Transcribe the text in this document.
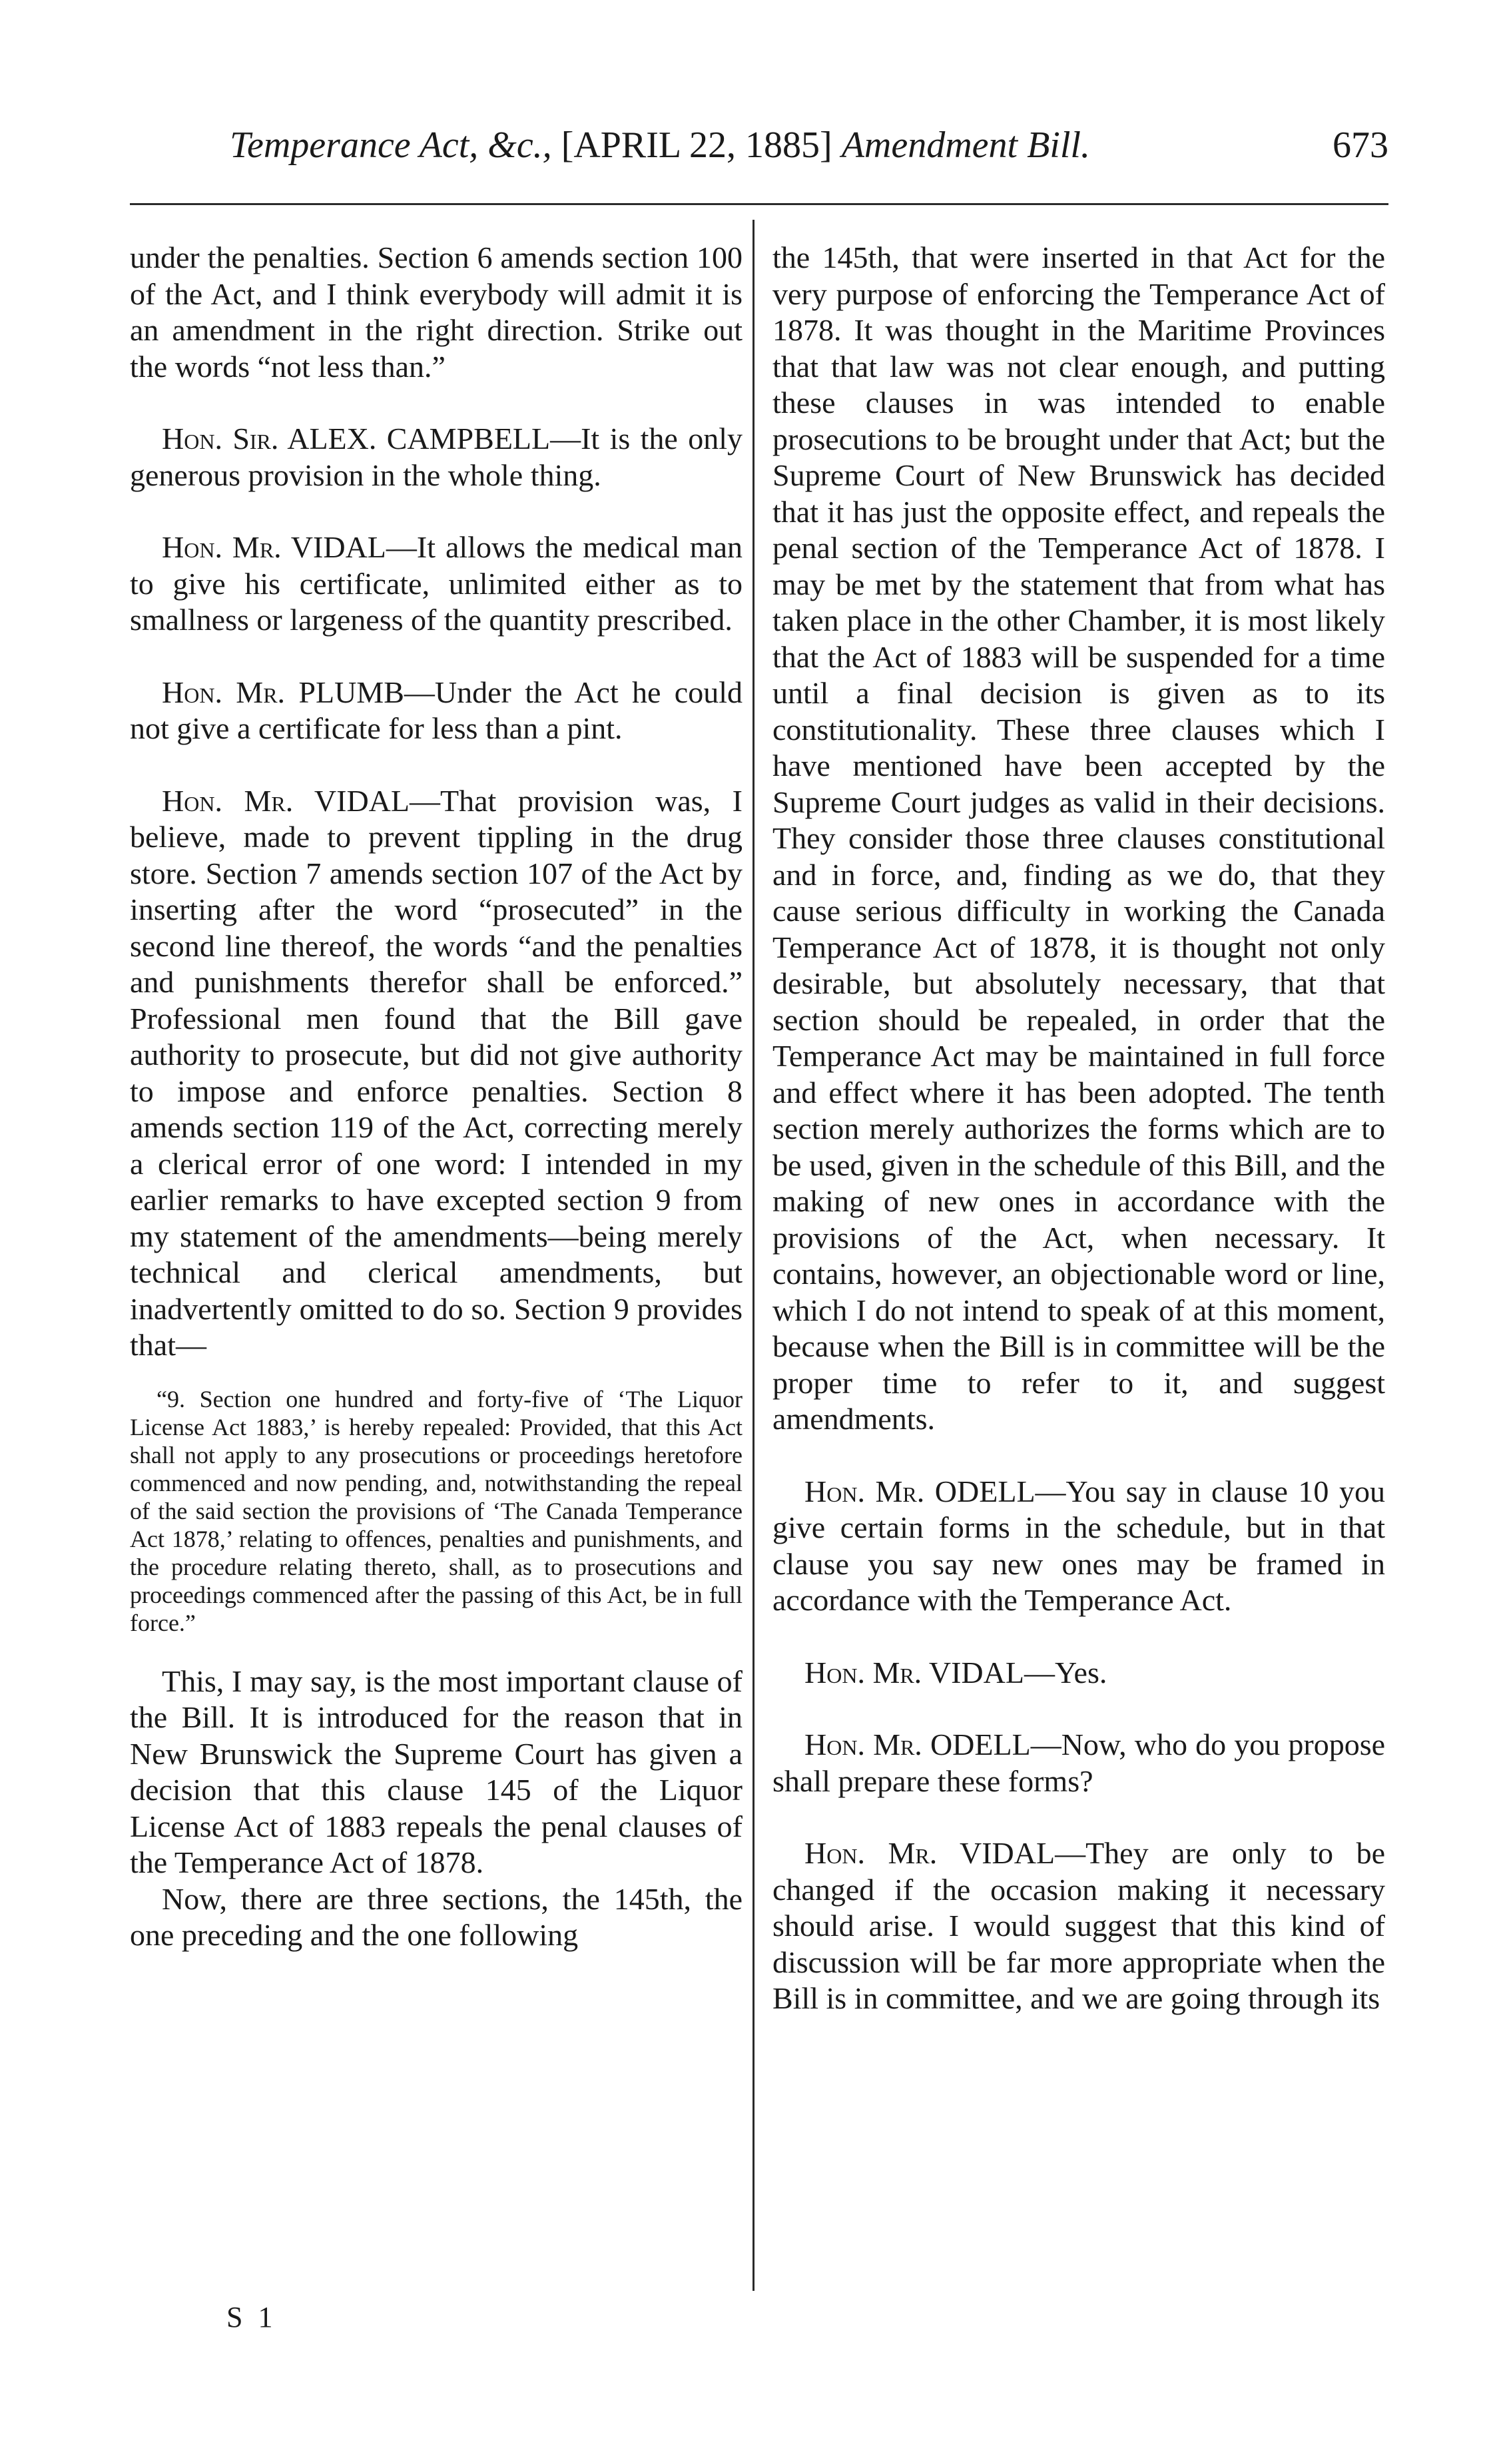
Temperance Act, &c., [APRIL 22, 1885] Amendment Bill.	673

under the penalties. Section 6 amends section 100 of the Act, and I think everybody will admit it is an amendment in the right direction. Strike out the words “not less than.”

Hon. Sir. ALEX. CAMPBELL—It is the only generous provision in the whole thing.

Hon. Mr. VIDAL—It allows the medical man to give his certificate, unlimited either as to smallness or largeness of the quantity prescribed.

Hon. Mr. PLUMB—Under the Act he could not give a certificate for less than a pint.

Hon. Mr. VIDAL—That provision was, I believe, made to prevent tippling in the drug store. Section 7 amends section 107 of the Act by inserting after the word “prosecuted” in the second line thereof, the words “and the penalties and punishments therefor shall be enforced.” Professional men found that the Bill gave authority to prosecute, but did not give authority to impose and enforce penalties. Section 8 amends section 119 of the Act, correcting merely a clerical error of one word: I intended in my earlier remarks to have excepted section 9 from my statement of the amendments—being merely technical and clerical amendments, but inadvertently omitted to do so. Section 9 provides that—

“9. Section one hundred and forty-five of ‘The Liquor License Act 1883,’ is hereby repealed: Provided, that this Act shall not apply to any prosecutions or proceedings heretofore commenced and now pending, and, notwithstanding the repeal of the said section the provisions of ‘The Canada Temperance Act 1878,’ relating to offences, penalties and punishments, and the procedure relating thereto, shall, as to prosecutions and proceedings commenced after the passing of this Act, be in full force.”

This, I may say, is the most important clause of the Bill. It is introduced for the reason that in New Brunswick the Supreme Court has given a decision that this clause 145 of the Liquor License Act of 1883 repeals the penal clauses of the Temperance Act of 1878.

Now, there are three sections, the 145th, the one preceding and the one following

S 1

the 145th, that were inserted in that Act for the very purpose of enforcing the Temperance Act of 1878. It was thought in the Maritime Provinces that that law was not clear enough, and putting these clauses in was intended to enable prosecutions to be brought under that Act; but the Supreme Court of New Brunswick has decided that it has just the opposite effect, and repeals the penal section of the Temperance Act of 1878. I may be met by the statement that from what has taken place in the other Chamber, it is most likely that the Act of 1883 will be suspended for a time until a final decision is given as to its constitutionality. These three clauses which I have mentioned have been accepted by the Supreme Court judges as valid in their decisions. They consider those three clauses constitutional and in force, and, finding as we do, that they cause serious difficulty in working the Canada Temperance Act of 1878, it is thought not only desirable, but absolutely necessary, that that section should be repealed, in order that the Temperance Act may be maintained in full force and effect where it has been adopted. The tenth section merely authorizes the forms which are to be used, given in the schedule of this Bill, and the making of new ones in accordance with the provisions of the Act, when necessary. It contains, however, an objectionable word or line, which I do not intend to speak of at this moment, because when the Bill is in committee will be the proper time to refer to it, and suggest amendments.

Hon. Mr. ODELL—You say in clause 10 you give certain forms in the schedule, but in that clause you say new ones may be framed in accordance with the Temperance Act.

Hon. Mr. VIDAL—Yes.

Hon. Mr. ODELL—Now, who do you propose shall prepare these forms?

Hon. Mr. VIDAL—They are only to be changed if the occasion making it necessary should arise. I would suggest that this kind of discussion will be far more appropriate when the Bill is in committee, and we are going through its
